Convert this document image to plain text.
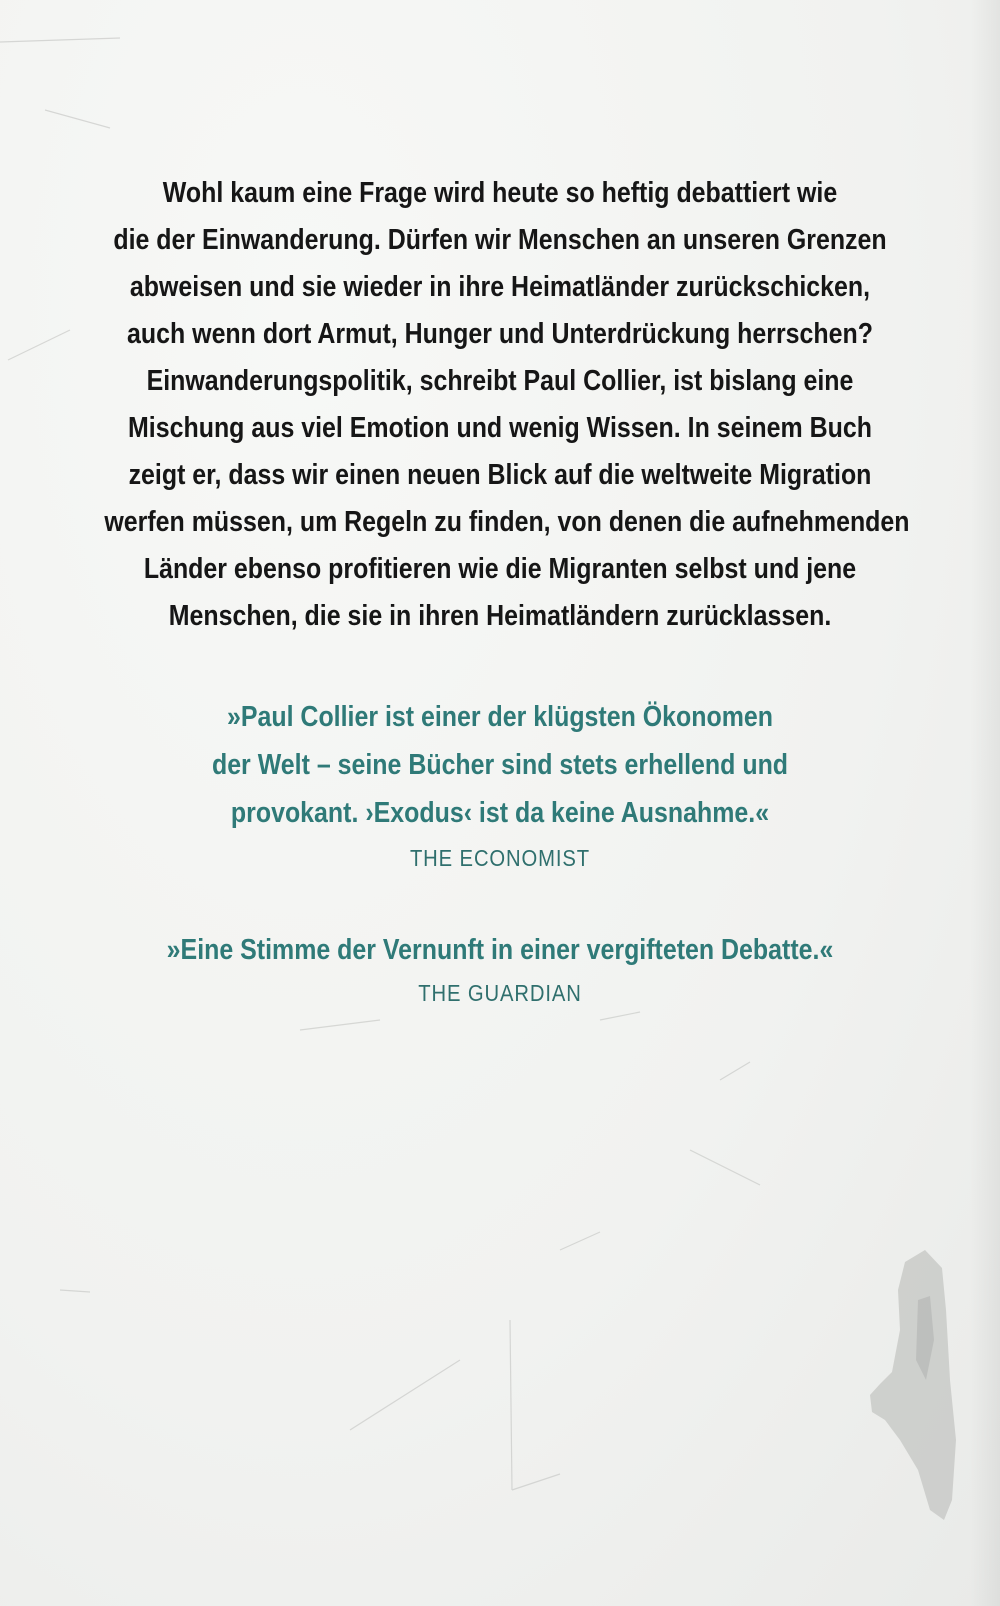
Wohl kaum eine Frage wird heute so heftig debattiert wie
die der Einwanderung. Dürfen wir Menschen an unseren Grenzen
abweisen und sie wieder in ihre Heimatländer zurückschicken,
auch wenn dort Armut, Hunger und Unterdrückung herrschen?
Einwanderungspolitik, schreibt Paul Collier, ist bislang eine
Mischung aus viel Emotion und wenig Wissen. In seinem Buch
zeigt er, dass wir einen neuen Blick auf die weltweite Migration
werfen müssen, um Regeln zu finden, von denen die aufnehmenden
Länder ebenso profitieren wie die Migranten selbst und jene
Menschen, die sie in ihren Heimatländern zurücklassen.
»Paul Collier ist einer der klügsten Ökonomen
der Welt – seine Bücher sind stets erhellend und
provokant. ›Exodus‹ ist da keine Ausnahme.«
THE ECONOMIST
»Eine Stimme der Vernunft in einer vergifteten Debatte.«
THE GUARDIAN
